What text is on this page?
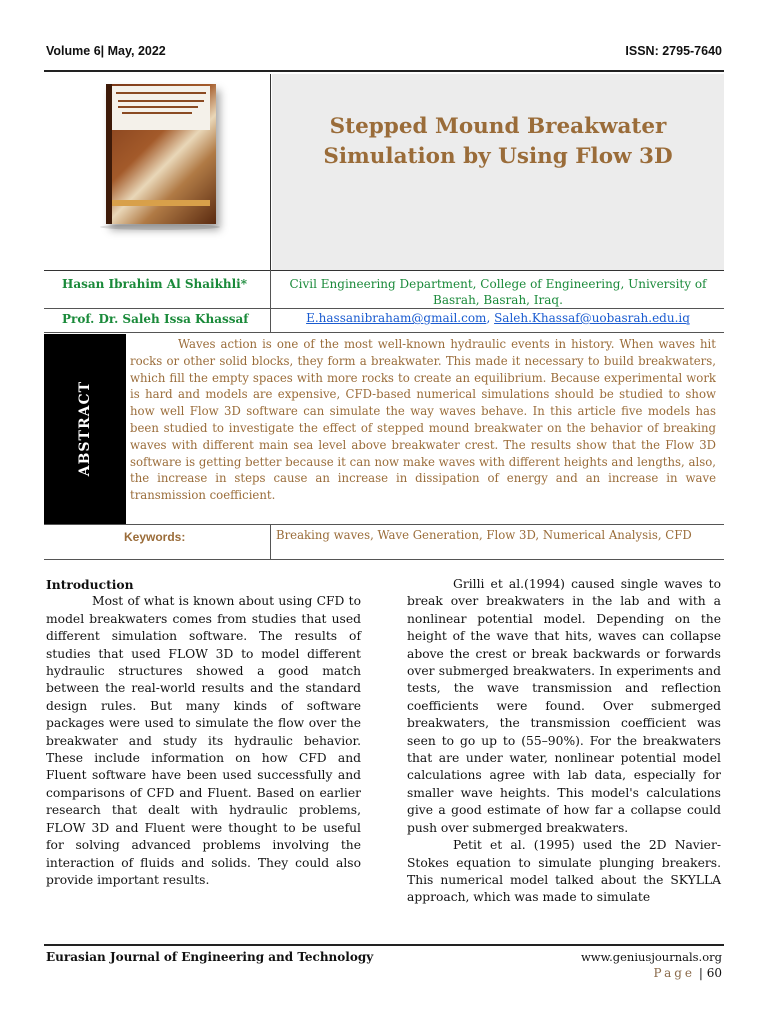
Volume 6| May, 2022	ISSN: 2795-7640
Stepped Mound Breakwater
Simulation by Using Flow 3D
Hasan Ibrahim Al Shaikhli*	Civil Engineering Department, College of Engineering, University of Basrah, Basrah, Iraq.
Prof. Dr. Saleh Issa Khassaf	E.hassanibraham@gmail.com, Saleh.Khassaf@uobasrah.edu.iq
ABSTRACT
Waves action is one of the most well-known hydraulic events in history. When waves hit rocks or other solid blocks, they form a breakwater. This made it necessary to build breakwaters, which fill the empty spaces with more rocks to create an equilibrium. Because experimental work is hard and models are expensive, CFD-based numerical simulations should be studied to show how well Flow 3D software can simulate the way waves behave. In this article five models has been studied to investigate the effect of stepped mound breakwater on the behavior of breaking waves with different main sea level above breakwater crest. The results show that the Flow 3D software is getting better because it can now make waves with different heights and lengths, also, the increase in steps cause an increase in dissipation of energy and an increase in wave transmission coefficient.
Keywords:	Breaking waves, Wave Generation, Flow 3D, Numerical Analysis, CFD

Introduction

Most of what is known about using CFD to model breakwaters comes from studies that used different simulation software. The results of studies that used FLOW 3D to model different hydraulic structures showed a good match between the real-world results and the standard design rules. But many kinds of software packages were used to simulate the flow over the breakwater and study its hydraulic behavior. These include information on how CFD and Fluent software have been used successfully and comparisons of CFD and Fluent. Based on earlier research that dealt with hydraulic problems, FLOW 3D and Fluent were thought to be useful for solving advanced problems involving the interaction of fluids and solids. They could also provide important results.

Grilli et al.(1994) caused single waves to break over breakwaters in the lab and with a nonlinear potential model. Depending on the height of the wave that hits, waves can collapse above the crest or break backwards or forwards over submerged breakwaters. In experiments and tests, the wave transmission and reflection coefficients were found. Over submerged breakwaters, the transmission coefficient was seen to go up to (55–90%). For the breakwaters that are under water, nonlinear potential model calculations agree with lab data, especially for smaller wave heights. This model's calculations give a good estimate of how far a collapse could push over submerged breakwaters.

Petit et al. (1995) used the 2D Navier-Stokes equation to simulate plunging breakers. This numerical model talked about the SKYLLA approach, which was made to simulate

Eurasian Journal of Engineering and Technology	www.geniusjournals.org
Page | 60
